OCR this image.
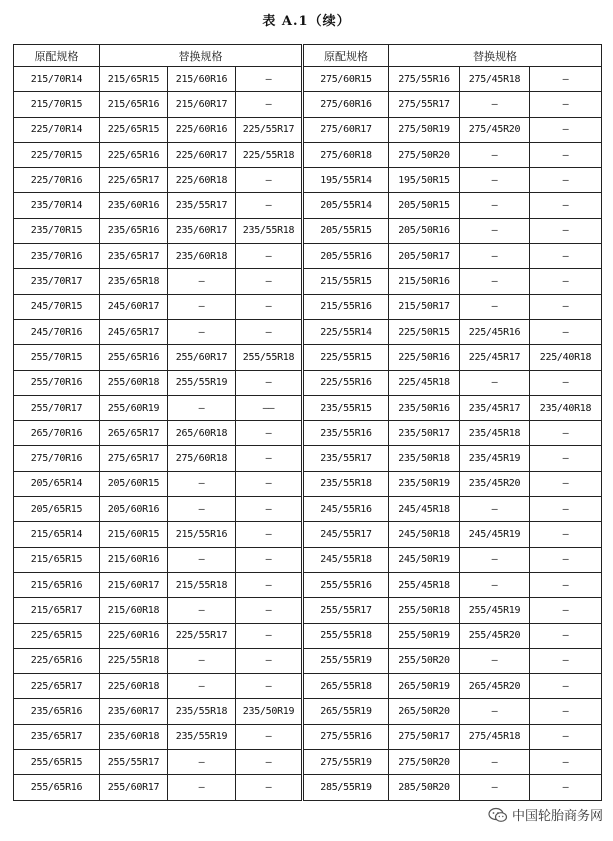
表 A.1（续）
原配规格	替换规格			原配规格	替换规格		
215/70R14	215/65R15	215/60R16	—	275/60R15	275/55R16	275/45R18	—
215/70R15	215/65R16	215/60R17	—	275/60R16	275/55R17	—	—
225/70R14	225/65R15	225/60R16	225/55R17	275/60R17	275/50R19	275/45R20	—
225/70R15	225/65R16	225/60R17	225/55R18	275/60R18	275/50R20	—	—
225/70R16	225/65R17	225/60R18	—	195/55R14	195/50R15	—	—
235/70R14	235/60R16	235/55R17	—	205/55R14	205/50R15	—	—
235/70R15	235/65R16	235/60R17	235/55R18	205/55R15	205/50R16	—	—
235/70R16	235/65R17	235/60R18	—	205/55R16	205/50R17	—	—
235/70R17	235/65R18	—	—	215/55R15	215/50R16	—	—
245/70R15	245/60R17	—	—	215/55R16	215/50R17	—	—
245/70R16	245/65R17	—	—	225/55R14	225/50R15	225/45R16	—
255/70R15	255/65R16	255/60R17	255/55R18	225/55R15	225/50R16	225/45R17	225/40R18
255/70R16	255/60R18	255/55R19	—	225/55R16	225/45R18	—	—
255/70R17	255/60R19	—	——	235/55R15	235/50R16	235/45R17	235/40R18
265/70R16	265/65R17	265/60R18	—	235/55R16	235/50R17	235/45R18	—
275/70R16	275/65R17	275/60R18	—	235/55R17	235/50R18	235/45R19	—
205/65R14	205/60R15	—	—	235/55R18	235/50R19	235/45R20	—
205/65R15	205/60R16	—	—	245/55R16	245/45R18	—	—
215/65R14	215/60R15	215/55R16	—	245/55R17	245/50R18	245/45R19	—
215/65R15	215/60R16	—	—	245/55R18	245/50R19	—	—
215/65R16	215/60R17	215/55R18	—	255/55R16	255/45R18	—	—
215/65R17	215/60R18	—	—	255/55R17	255/50R18	255/45R19	—
225/65R15	225/60R16	225/55R17	—	255/55R18	255/50R19	255/45R20	—
225/65R16	225/55R18	—	—	255/55R19	255/50R20	—	—
225/65R17	225/60R18	—	—	265/55R18	265/50R19	265/45R20	—
235/65R16	235/60R17	235/55R18	235/50R19	265/55R19	265/50R20	—	—
235/65R17	235/60R18	235/55R19	—	275/55R16	275/50R17	275/45R18	—
255/65R15	255/55R17	—	—	275/55R19	275/50R20	—	—
255/65R16	255/60R17	—	—	285/55R19	285/50R20	—	—
中国轮胎商务网
